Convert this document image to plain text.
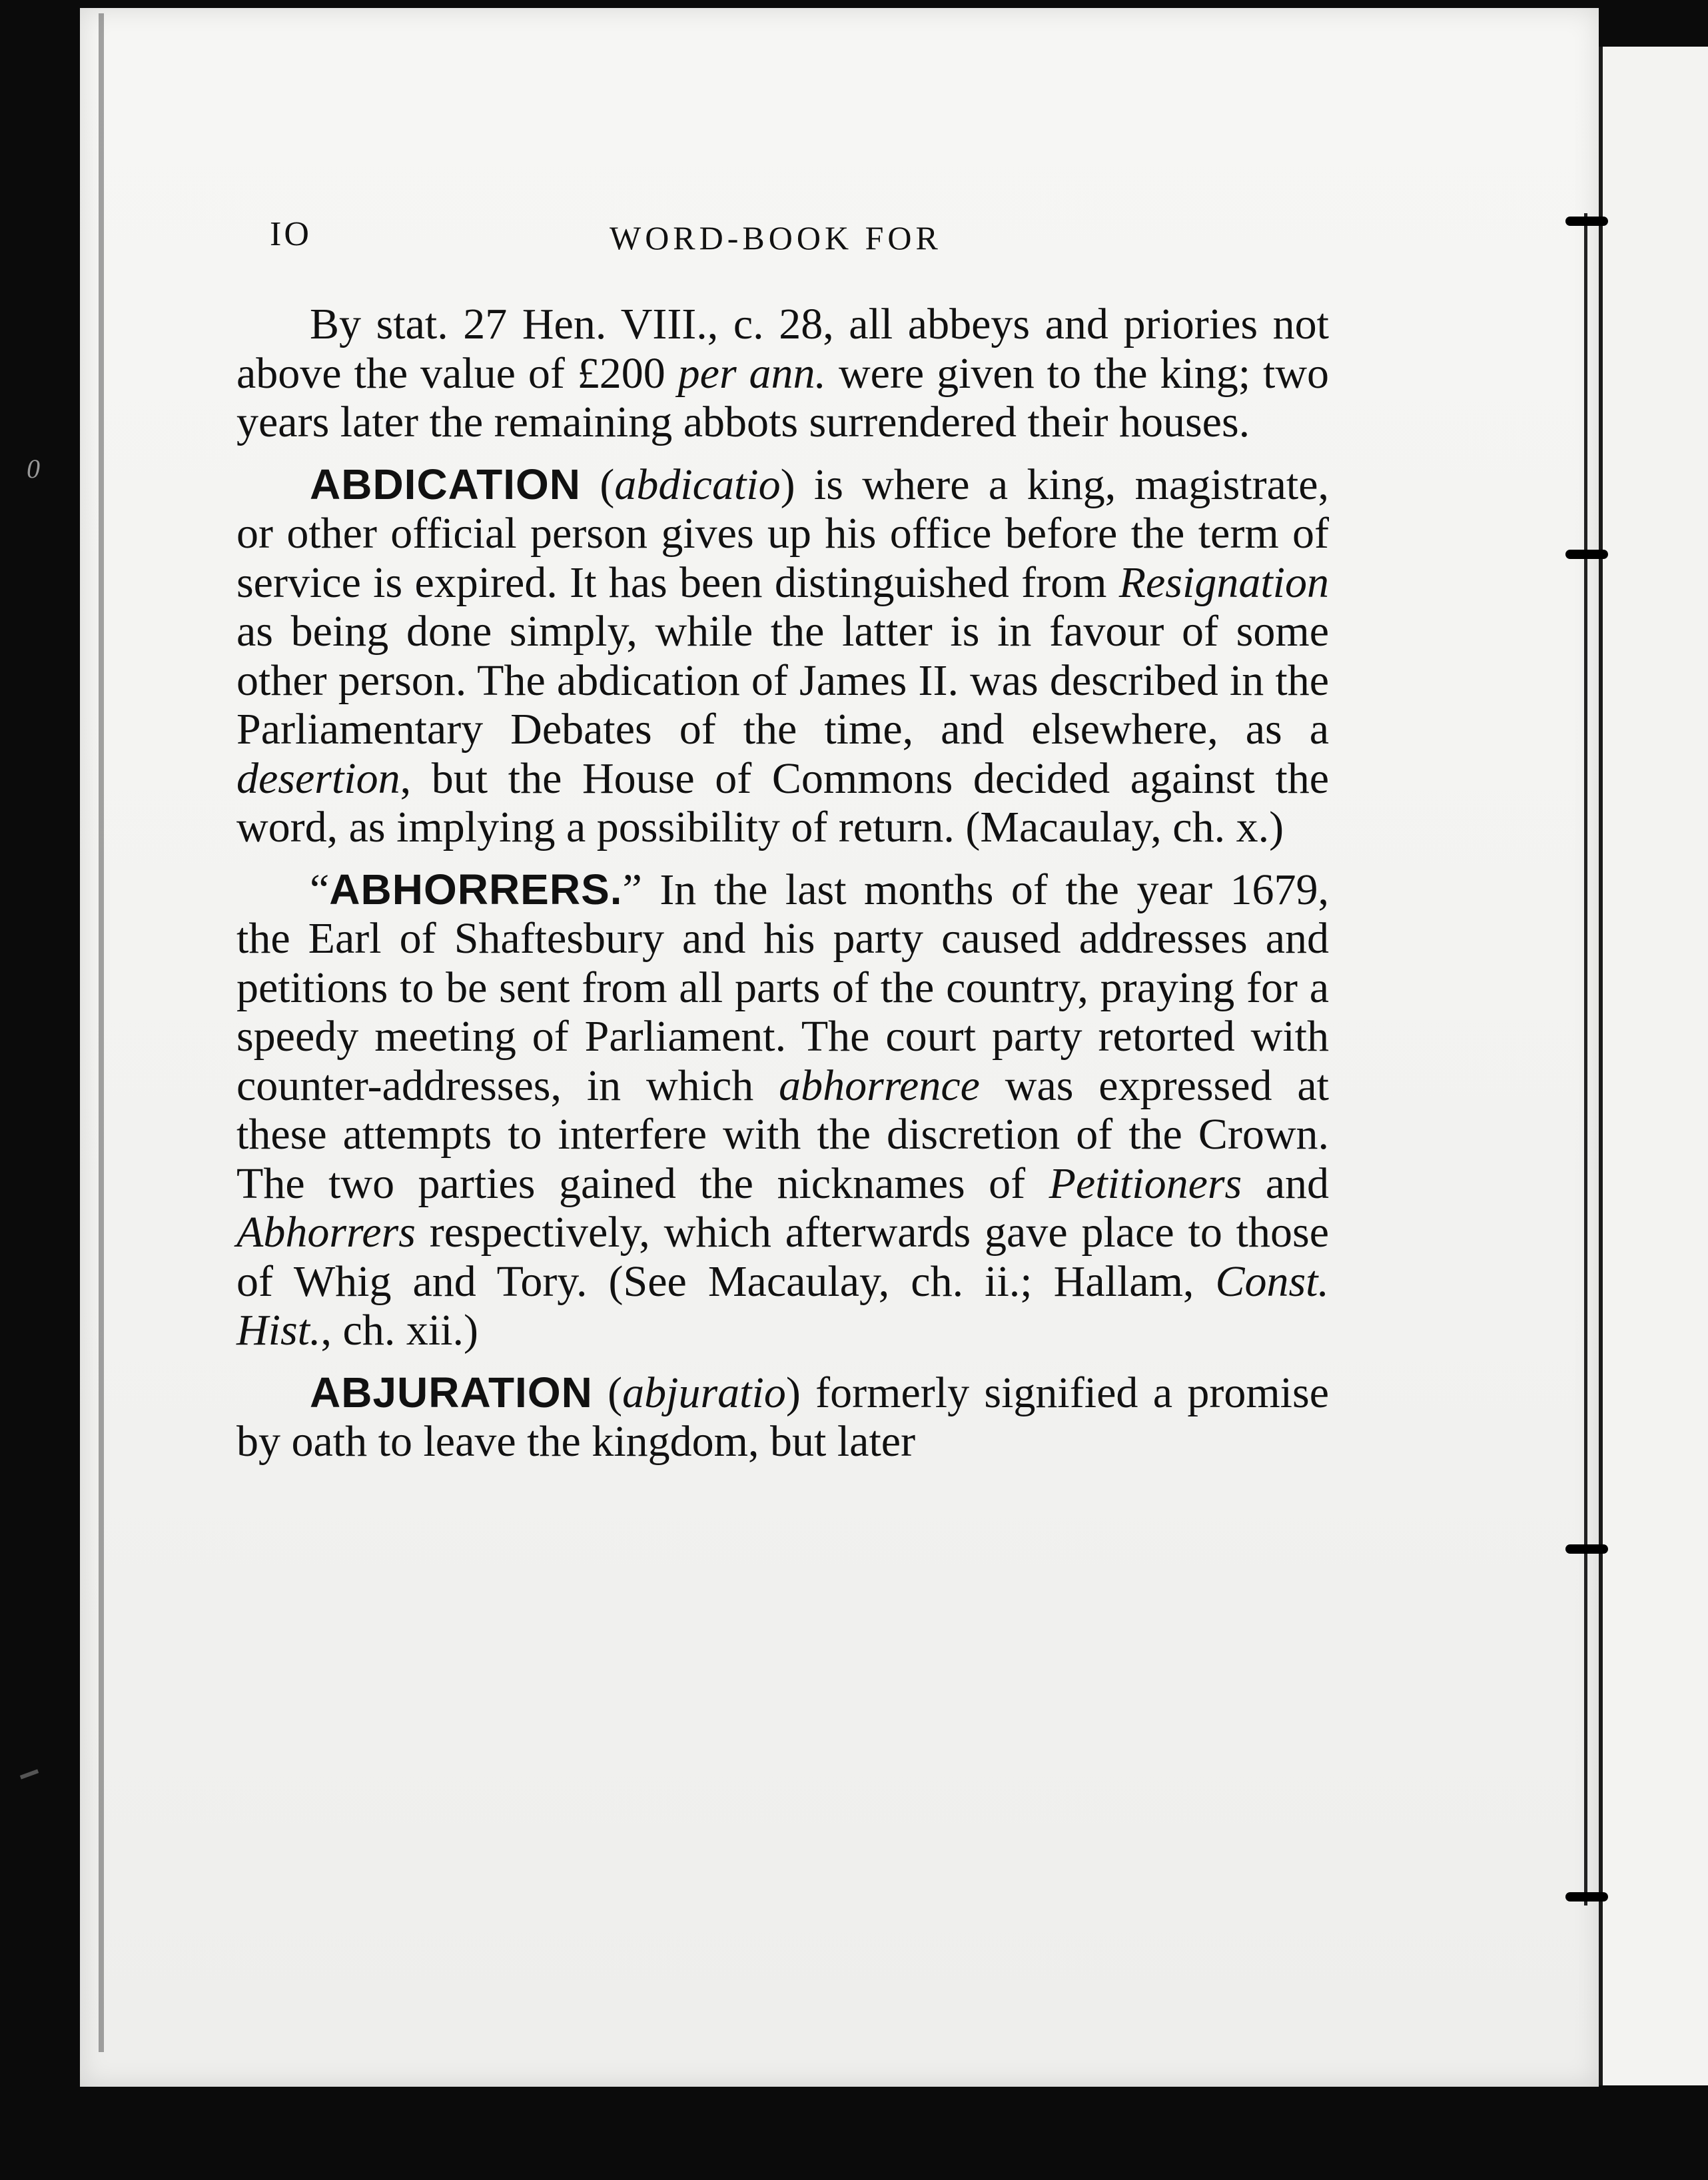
0
IO	WORD-BOOK FOR

By stat. 27 Hen. VIII., c. 28, all abbeys and priories not above the value of £200 per ann. were given to the king; two years later the remaining abbots surrendered their houses.

ABDICATION (abdicatio) is where a king, magistrate, or other official person gives up his office before the term of service is expired. It has been distinguished from Resignation as being done simply, while the latter is in favour of some other person. The abdication of James II. was described in the Parliamentary Debates of the time, and elsewhere, as a desertion, but the House of Commons decided against the word, as implying a possibility of return. (Macaulay, ch. x.)

“ABHORRERS.” In the last months of the year 1679, the Earl of Shaftesbury and his party caused addresses and petitions to be sent from all parts of the country, praying for a speedy meeting of Parliament. The court party retorted with counter-addresses, in which abhorrence was expressed at these attempts to interfere with the discretion of the Crown. The two parties gained the nicknames of Petitioners and Abhorrers respectively, which afterwards gave place to those of Whig and Tory. (See Macaulay, ch. ii.; Hallam, Const. Hist., ch. xii.)

ABJURATION (abjuratio) formerly signified a promise by oath to leave the kingdom, but later
